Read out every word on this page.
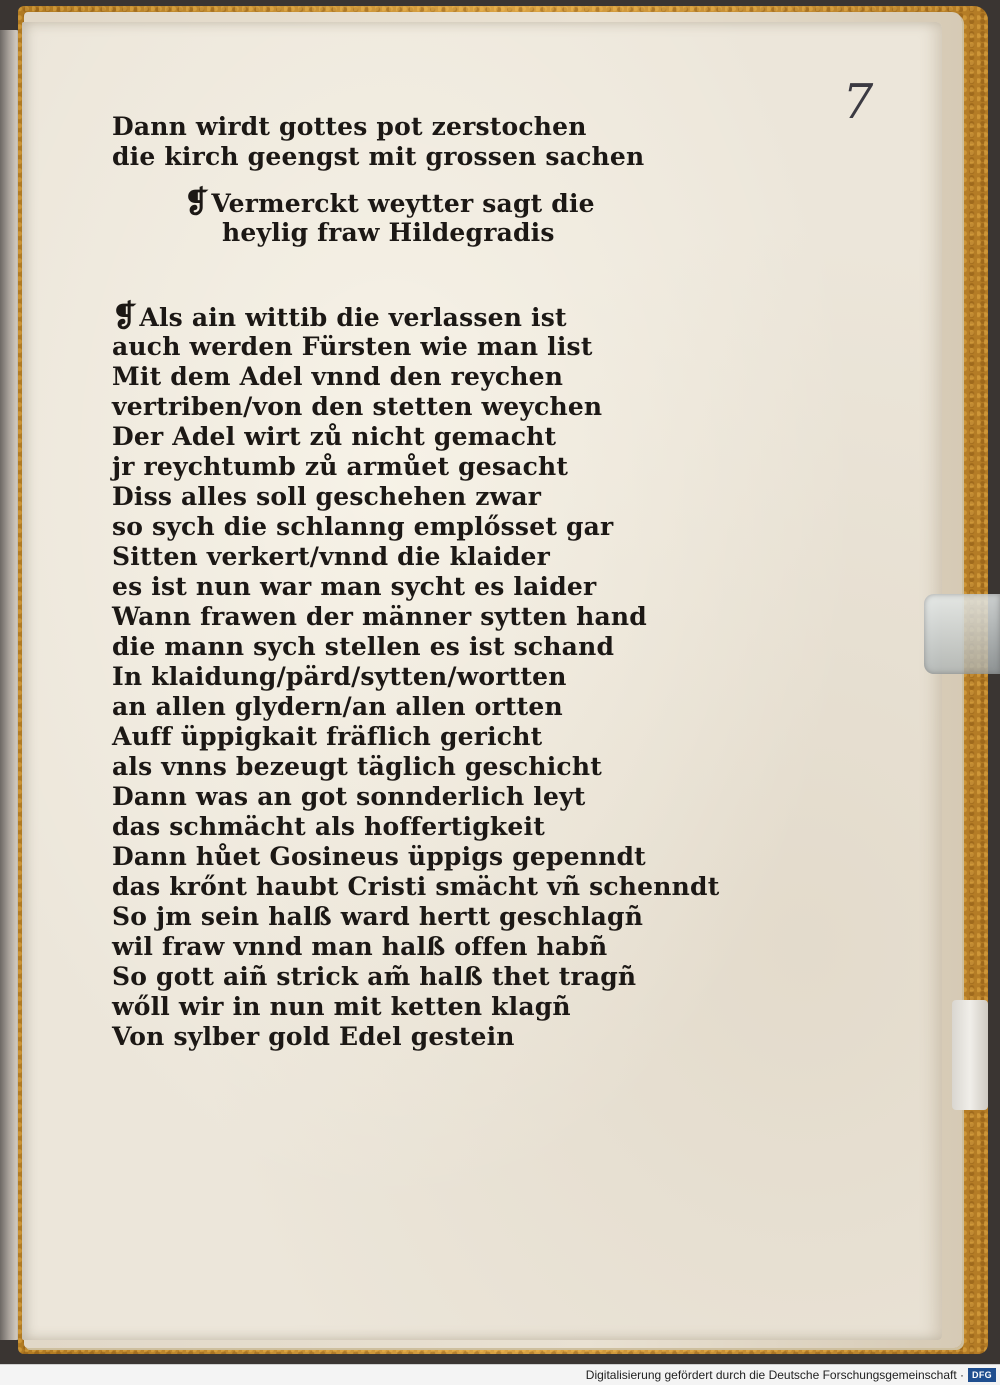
7
Dann wirdt gottes pot zerstochen
die kirch geengst mit grossen sachen
❡Vermerckt weytter sagt die
heylig fraw Hildegradis
❡Als ain wittib die verlassen ist
auch werden Fürsten wie man list
Mit dem Adel vnnd den reychen
vertriben/von den stetten weychen
Der Adel wirt zů nicht gemacht
jr reychtumb zů armůet gesacht
Diss alles soll geschehen zwar
so sych die schlanng emplősset gar
Sitten verkert/vnnd die klaider
es ist nun war man sycht es laider
Wann frawen der männer sytten hand
die mann sych stellen es ist schand
In klaidung/pärd/sytten/wortten
an allen glydern/an allen ortten
Auff üppigkait fräflich gericht
als vnns bezeugt täglich geschicht
Dann was an got sonnderlich leyt
das schmächt als hoffertigkeit
Dann hůet Gosineus üppigs gepenndt
das krőnt haubt Cristi smächt vñ schenndt
So jm sein halß ward hertt geschlagñ
wil fraw vnnd man halß offen habñ
So gott aiñ strick am̃ halß thet tragñ
wőll wir in nun mit ketten klagñ
Von sylber gold Edel gestein
Digitalisierung gefördert durch die Deutsche Forschungsgemeinschaft · DFG
